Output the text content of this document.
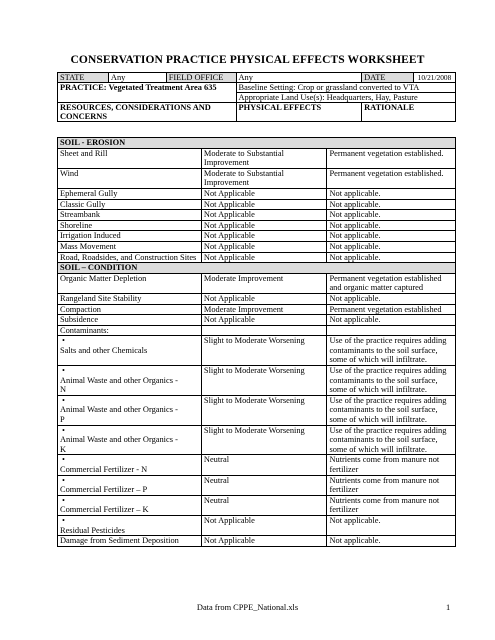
CONSERVATION PRACTICE PHYSICAL EFFECTS WORKSHEET
STATE	Any	FIELD OFFICE	Any	DATE	10/21/2008
PRACTICE: Vegetated Treatment Area 635			Baseline Setting: Crop or grassland converted to VTA		
			Appropriate Land Use(s): Headquarters, Hay, Pasture		
RESOURCES, CONSIDERATIONS AND CONCERNS			PHYSICAL EFFECTS	RATIONALE	
SOIL - EROSION		
Sheet and Rill	Moderate to Substantial Improvement	Permanent vegetation established.
Wind	Moderate to Substantial Improvement	Permanent vegetation established.
Ephemeral Gully	Not Applicable	Not applicable.
Classic Gully	Not Applicable	Not applicable.
Streambank	Not Applicable	Not applicable.
Shoreline	Not Applicable	Not applicable.
Irrigation Induced	Not Applicable	Not applicable.
Mass Movement	Not Applicable	Not applicable.
Road, Roadsides, and Construction Sites	Not Applicable	Not applicable.
SOIL – CONDITION		
Organic Matter Depletion	Moderate Improvement	Permanent vegetation established and organic matter captured
Rangeland Site Stability	Not Applicable	Not applicable.
Compaction	Moderate Improvement	Permanent vegetation established
Subsidence	Not Applicable	Not applicable.
Contaminants:		
•Salts and other Chemicals	Slight to Moderate Worsening	Use of the practice requires adding contaminants to the soil surface, some of which will infiltrate.
•Animal Waste and other Organics - N	Slight to Moderate Worsening	Use of the practice requires adding contaminants to the soil surface, some of which will infiltrate.
•Animal Waste and other Organics - P	Slight to Moderate Worsening	Use of the practice requires adding contaminants to the soil surface, some of which will infiltrate.
•Animal Waste and other Organics - K	Slight to Moderate Worsening	Use of the practice requires adding contaminants to the soil surface, some of which will infiltrate.
•Commercial Fertilizer - N	Neutral	Nutrients come from manure not fertilizer
•Commercial Fertilizer – P	Neutral	Nutrients come from manure not fertilizer
•Commercial Fertilizer – K	Neutral	Nutrients come from manure not fertilizer
•Residual Pesticides	Not Applicable	Not applicable.
Damage from Sediment Deposition	Not Applicable	Not applicable.
Data from CPPE_National.xls	1
